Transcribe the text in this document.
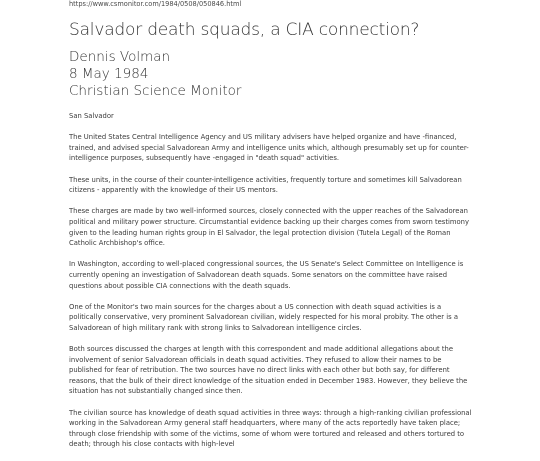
https://www.csmonitor.com/1984/0508/050846.html
Salvador death squads, a CIA connection?
Dennis Volman
8 May 1984
Christian Science Monitor

San Salvador

The United States Central Intelligence Agency and US military advisers have helped organize and have -financed, trained, and advised special Salvadorean Army and intelligence units which, although presumably set up for counter-intelligence purposes, subsequently have -engaged in "death squad" activities.

These units, in the course of their counter-intelligence activities, frequently torture and sometimes kill Salvadorean citizens - apparently with the knowledge of their US mentors.

These charges are made by two well-informed sources, closely connected with the upper reaches of the Salvadorean political and military power structure. Circumstantial evidence backing up their charges comes from sworn testimony given to the leading human rights group in El Salvador, the legal protection division (Tutela Legal) of the Roman Catholic Archbishop's office.

In Washington, according to well-placed congressional sources, the US Senate's Select Committee on Intelligence is currently opening an investigation of Salvadorean death squads. Some senators on the committee have raised questions about possible CIA connections with the death squads.

One of the Monitor's two main sources for the charges about a US connection with death squad activities is a politically conservative, very prominent Salvadorean civilian, widely respected for his moral probity. The other is a Salvadorean of high military rank with strong links to Salvadorean intelligence circles.

Both sources discussed the charges at length with this correspondent and made additional allegations about the involvement of senior Salvadorean officials in death squad activities. They refused to allow their names to be published for fear of retribution. The two sources have no direct links with each other but both say, for different reasons, that the bulk of their direct knowledge of the situation ended in December 1983. However, they believe the situation has not substantially changed since then.

The civilian source has knowledge of death squad activities in three ways: through a high-ranking civilian professional working in the Salvadorean Army general staff headquarters, where many of the acts reportedly have taken place; through close friendship with some of the victims, some of whom were tortured and released and others tortured to death; through his close contacts with high-level
